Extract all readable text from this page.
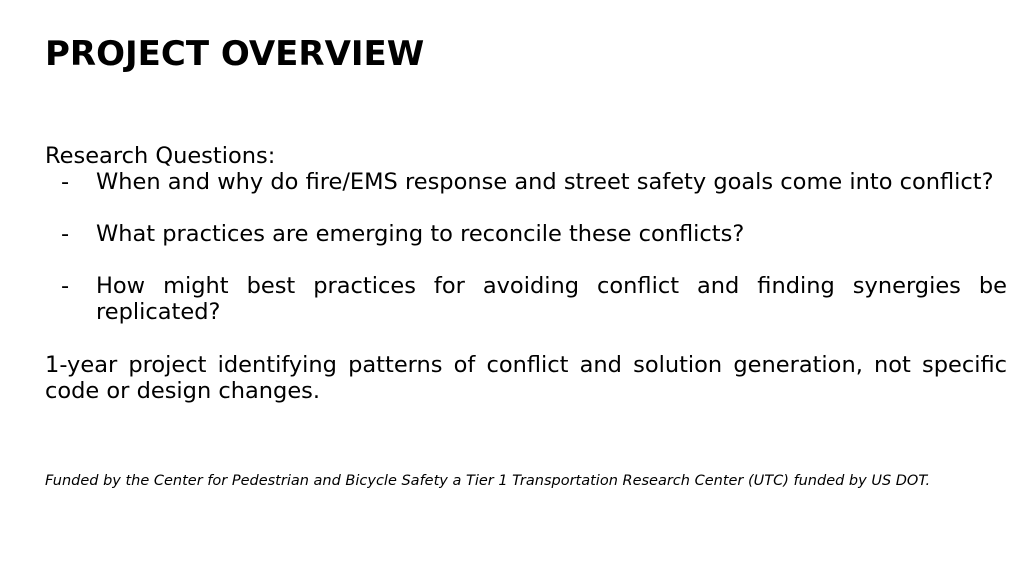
PROJECT OVERVIEW

Research Questions:

- When and why do fire/EMS response and street safety goals come into conflict?
- What practices are emerging to reconcile these conflicts?
- How might best practices for avoiding conflict and finding synergies be replicated?

1-year project identifying patterns of conflict and solution generation, not specific code or design changes.

Funded by the Center for Pedestrian and Bicycle Safety a Tier 1 Transportation Research Center (UTC) funded by US DOT.
